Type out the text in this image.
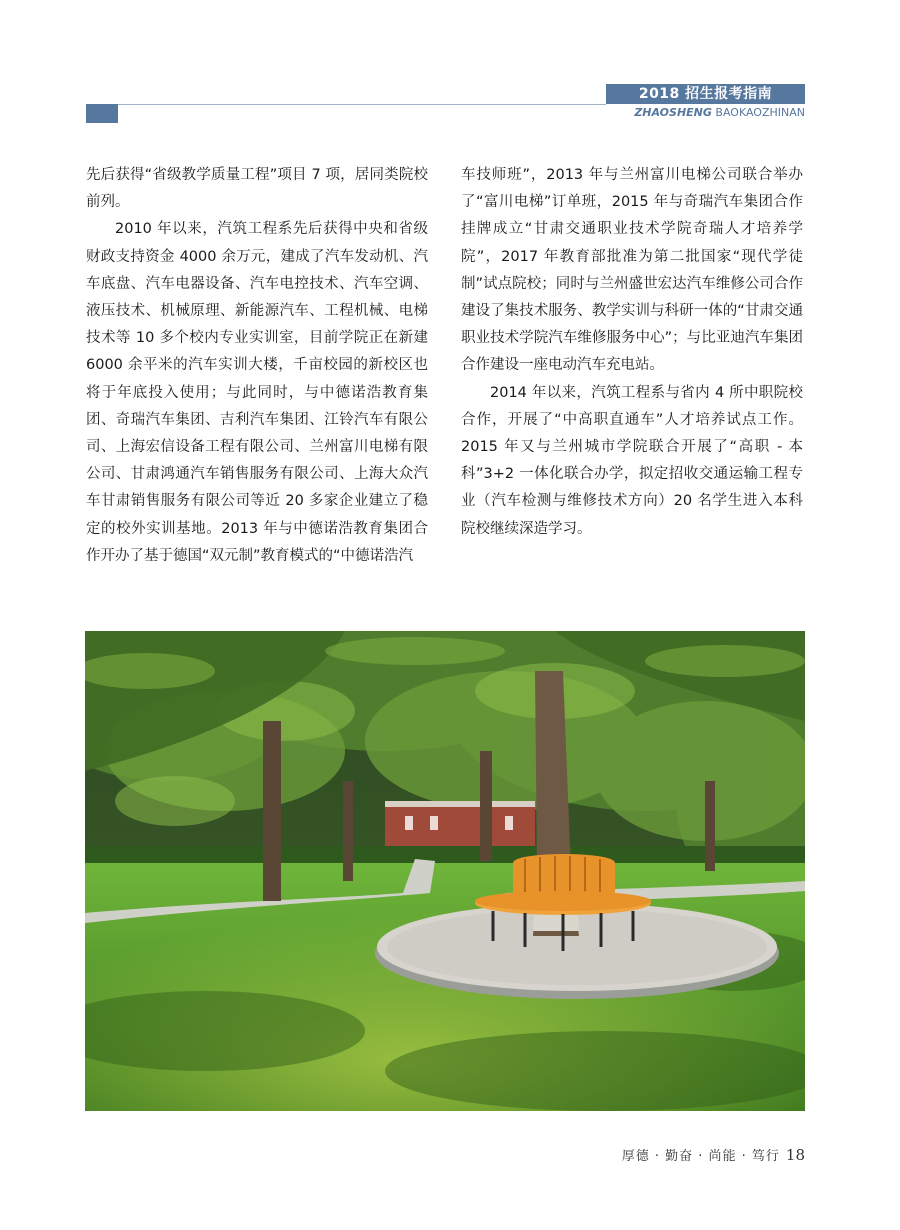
2018 招生报考指南
ZHAOSHENG BAOKAOZHINAN

先后获得“省级教学质量工程”项目 7 项，居同类院校前列。

2010 年以来，汽筑工程系先后获得中央和省级财政支持资金 4000 余万元，建成了汽车发动机、汽车底盘、汽车电器设备、汽车电控技术、汽车空调、液压技术、机械原理、新能源汽车、工程机械、电梯技术等 10 多个校内专业实训室，目前学院正在新建 6000 余平米的汽车实训大楼，千亩校园的新校区也将于年底投入使用；与此同时，与中德诺浩教育集团、奇瑞汽车集团、吉利汽车集团、江铃汽车有限公司、上海宏信设备工程有限公司、兰州富川电梯有限公司、甘肃鸿通汽车销售服务有限公司、上海大众汽车甘肃销售服务有限公司等近 20 多家企业建立了稳定的校外实训基地。2013 年与中德诺浩教育集团合作开办了基于德国“双元制”教育模式的“中德诺浩汽

车技师班”，2013 年与兰州富川电梯公司联合举办了“富川电梯”订单班，2015 年与奇瑞汽车集团合作挂牌成立“甘肃交通职业技术学院奇瑞人才培养学院”，2017 年教育部批准为第二批国家“现代学徒制”试点院校；同时与兰州盛世宏达汽车维修公司合作建设了集技术服务、教学实训与科研一体的“甘肃交通职业技术学院汽车维修服务中心”；与比亚迪汽车集团合作建设一座电动汽车充电站。

2014 年以来，汽筑工程系与省内 4 所中职院校合作，开展了“中高职直通车”人才培养试点工作。2015 年又与兰州城市学院联合开展了“高职 - 本科”3+2 一体化联合办学，拟定招收交通运输工程专业（汽车检测与维修技术方向）20 名学生进入本科院校继续深造学习。

厚德 · 勤奋 · 尚能 · 笃行 18
